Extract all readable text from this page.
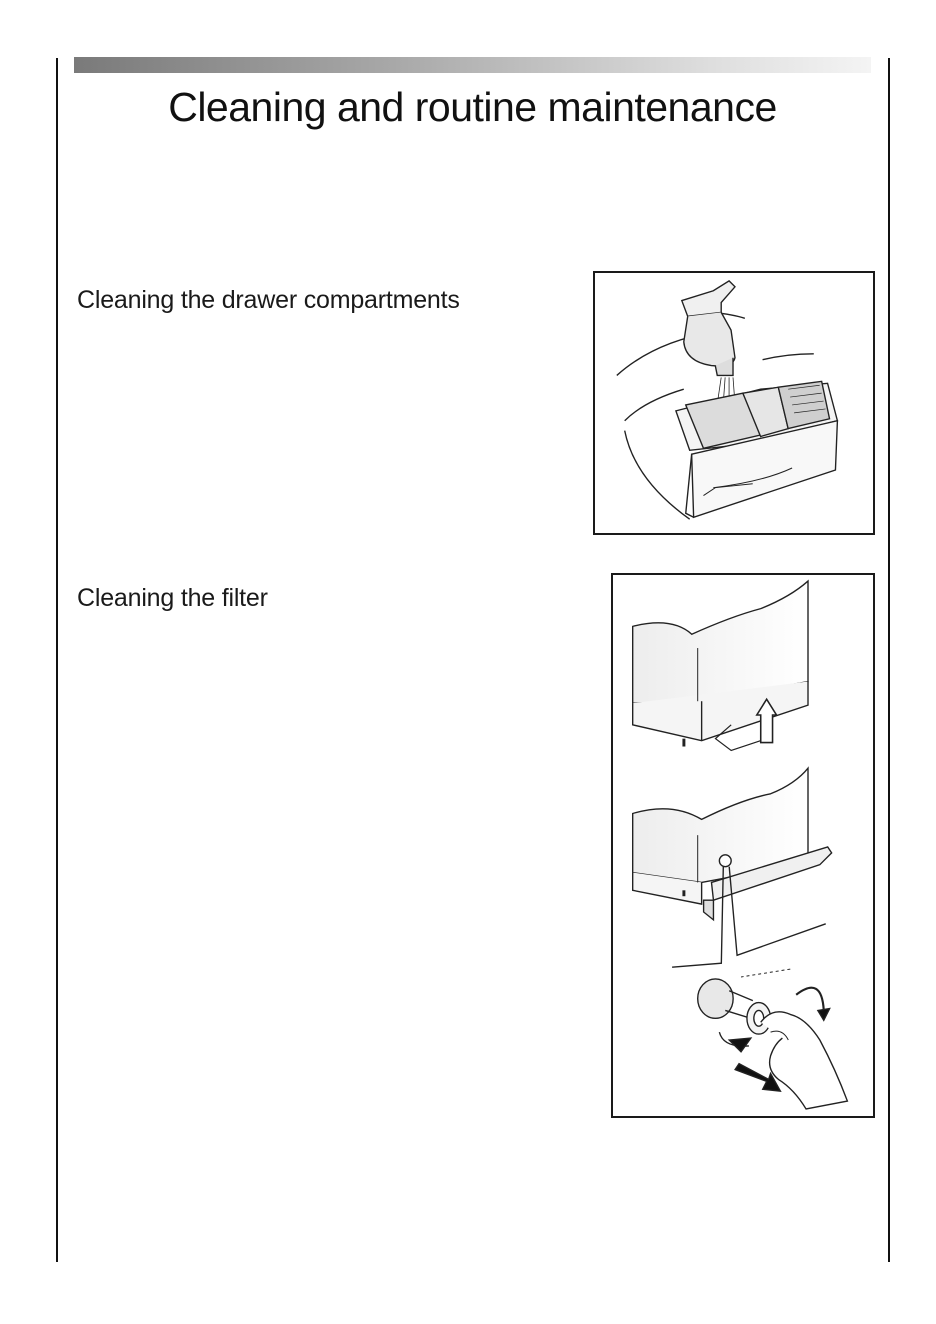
Cleaning and routine maintenance
Cleaning the drawer compartments
Cleaning the filter
